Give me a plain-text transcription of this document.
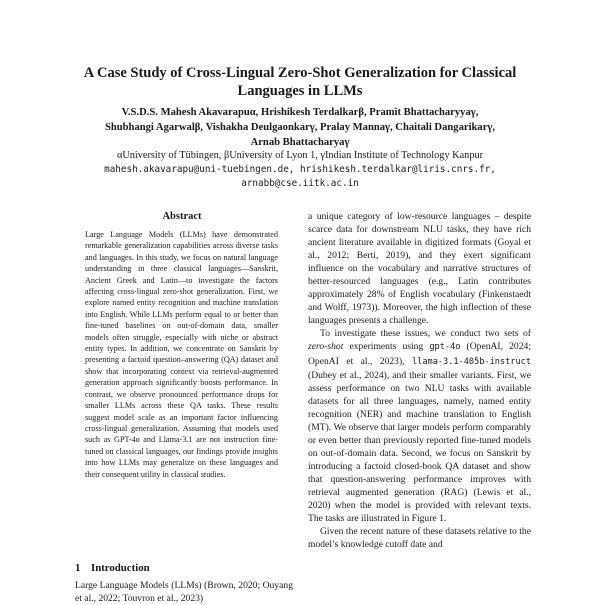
A Case Study of Cross-Lingual Zero-Shot Generalization for Classical Languages in LLMs
V.S.D.S. Mahesh Akavarapuα, Hrishikesh Terdalkarβ, Pramit Bhattacharyyaγ,
Shubhangi Agarwalβ, Vishakha Deulgaonkarγ, Pralay Mannaγ, Chaitali Dangarikarγ,
Arnab Bhattacharyaγ
αUniversity of Tübingen, βUniversity of Lyon 1, γIndian Institute of Technology Kanpur
mahesh.akavarapu@uni-tuebingen.de, hrishikesh.terdalkar@liris.cnrs.fr,
arnabb@cse.iitk.ac.in
Abstract
Large Language Models (LLMs) have demonstrated remarkable generalization capabilities across diverse tasks and languages. In this study, we focus on natural language understanding in three classical languages—Sanskrit, Ancient Greek and Latin—to investigate the factors affecting cross-lingual zero-shot generalization. First, we explore named entity recognition and machine translation into English. While LLMs perform equal to or better than fine-tuned baselines on out-of-domain data, smaller models often struggle, especially with niche or abstract entity types. In addition, we concentrate on Sanskrit by presenting a factoid question–answering (QA) dataset and show that incorporating context via retrieval-augmented generation approach significantly boosts performance. In contrast, we observe pronounced performance drops for smaller LLMs across these QA tasks. These results suggest model scale as an important factor influencing cross-lingual generalization. Assuming that models used such as GPT-4o and Llama-3.1 are not instruction fine-tuned on classical languages, our findings provide insights into how LLMs may generalize on these languages and their consequent utility in classical studies.
1 Introduction
Large Language Models (LLMs) (Brown, 2020; Ouyang et al., 2022; Touvron et al., 2023)

a unique category of low-resource languages – despite scarce data for downstream NLU tasks, they have rich ancient literature available in digitized formats (Goyal et al., 2012; Berti, 2019), and they exert significant influence on the vocabulary and narrative structures of better-resourced languages (e.g., Latin contributes approximately 28% of English vocabulary (Finkenstaedt and Wolff, 1973)). Moreover, the high inflection of these languages presents a challenge.

To investigate these issues, we conduct two sets of zero-shot experiments using gpt-4o (OpenAI, 2024; OpenAI et al., 2023), llama-3.1-405b-instruct (Dubey et al., 2024), and their smaller variants. First, we assess performance on two NLU tasks with available datasets for all three languages, namely, named entity recognition (NER) and machine translation to English (MT). We observe that larger models perform comparably or even better than previously reported fine-tuned models on out-of-domain data. Second, we focus on Sanskrit by introducing a factoid closed-book QA dataset and show that question-answering performance improves with retrieval augmented generation (RAG) (Lewis et al., 2020) when the model is provided with relevant texts. The tasks are illustrated in Figure 1.

Given the recent nature of these datasets relative to the model’s knowledge cutoff date and
